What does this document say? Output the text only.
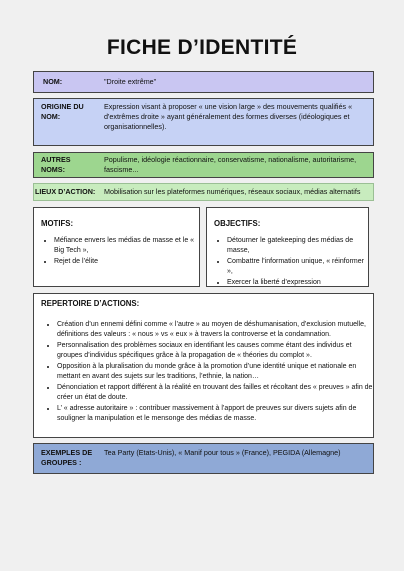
FICHE D’IDENTITÉ
NOM:	"Droite extrême"
ORIGINE DU NOM:
Expression visant à proposer « une vision large » des mouvements qualifiés « d'extrêmes droite » ayant généralement des formes diverses (idéologiques et organisationnelles).
AUTRES NOMS:
Populisme, idéologie réactionnaire, conservatisme, nationalisme, autoritarisme, fascisme...
LIEUX D’ACTION: Mobilisation sur les plateformes numériques, réseaux sociaux, médias alternatifs
MOTIFS:
• Méfiance envers les médias de masse et le « Big Tech »,
• Rejet de l’élite
OBJECTIFS:
• Détourner le gatekeeping des médias de masse,
• Combattre l’information unique, « réinformer »,
• Exercer la liberté d’expression
REPERTOIRE D’ACTIONS:
• Création d’un ennemi défini comme « l’autre » au moyen de déshumanisation, d’exclusion mutuelle, définitions des valeurs : « nous » vs « eux » à travers la controverse et la condamnation.
• Personnalisation des problèmes sociaux en identifiant les causes comme étant des individus et groupes d’individus spécifiques grâce à la propagation de « théories du complot ».
• Opposition à la pluralisation du monde grâce à la promotion d’une identité unique et nationale en mettant en avant des sujets sur les traditions, l’ethnie, la nation…
• Dénonciation et rapport différent à la réalité en trouvant des failles et récoltant des « preuves » afin de créer un état de doute.
• L’ « adresse autoritaire » : contribuer massivement à l’apport de preuves sur divers sujets afin de souligner la manipulation et le mensonge des médias de masse.
EXEMPLES DE GROUPES :
Tea Party (Etats-Unis), « Manif pour tous » (France), PEGIDA (Allemagne)
